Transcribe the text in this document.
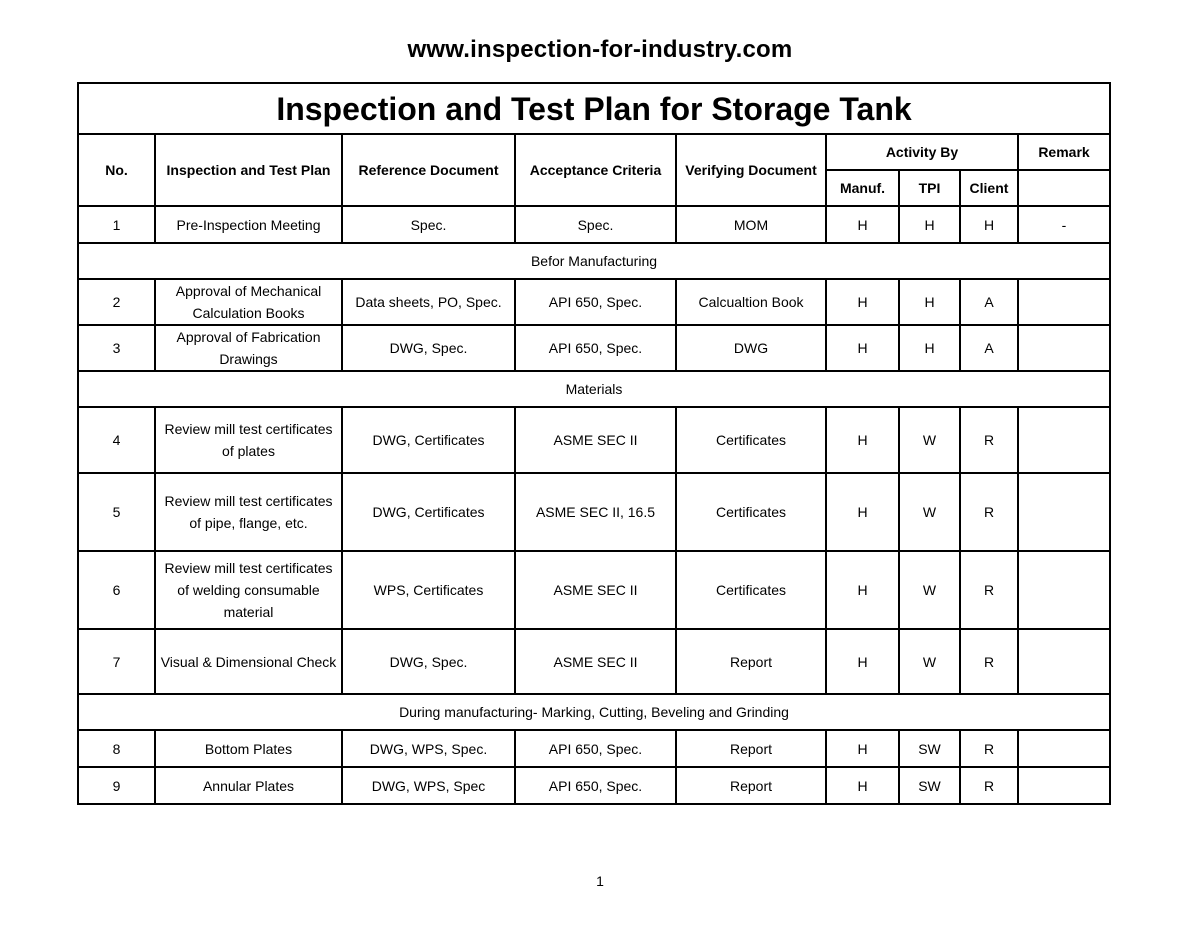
www.inspection-for-industry.com
Inspection and Test Plan for Storage Tank								
No.	Inspection and Test Plan	Reference Document	Acceptance Criteria	Verifying Document	Activity By			Remark
					Manuf.	TPI	Client	
1	Pre-Inspection Meeting	Spec.	Spec.	MOM	H	H	H	-
Befor Manufacturing								
2	Approval of Mechanical Calculation Books	Data sheets, PO, Spec.	API 650, Spec.	Calcualtion Book	H	H	A	
3	Approval of Fabrication Drawings	DWG, Spec.	API 650, Spec.	DWG	H	H	A	
Materials								
4	Review mill test certificates of plates	DWG, Certificates	ASME SEC II	Certificates	H	W	R	
5	Review mill test certificates of pipe, flange, etc.	DWG, Certificates	ASME SEC II, 16.5	Certificates	H	W	R	
6	Review mill test certificates of welding consumable material	WPS, Certificates	ASME SEC II	Certificates	H	W	R	
7	Visual & Dimensional Check	DWG, Spec.	ASME SEC II	Report	H	W	R	
During manufacturing- Marking, Cutting, Beveling and Grinding								
8	Bottom Plates	DWG, WPS, Spec.	API 650, Spec.	Report	H	SW	R	
9	Annular Plates	DWG, WPS, Spec	API 650, Spec.	Report	H	SW	R	
1
